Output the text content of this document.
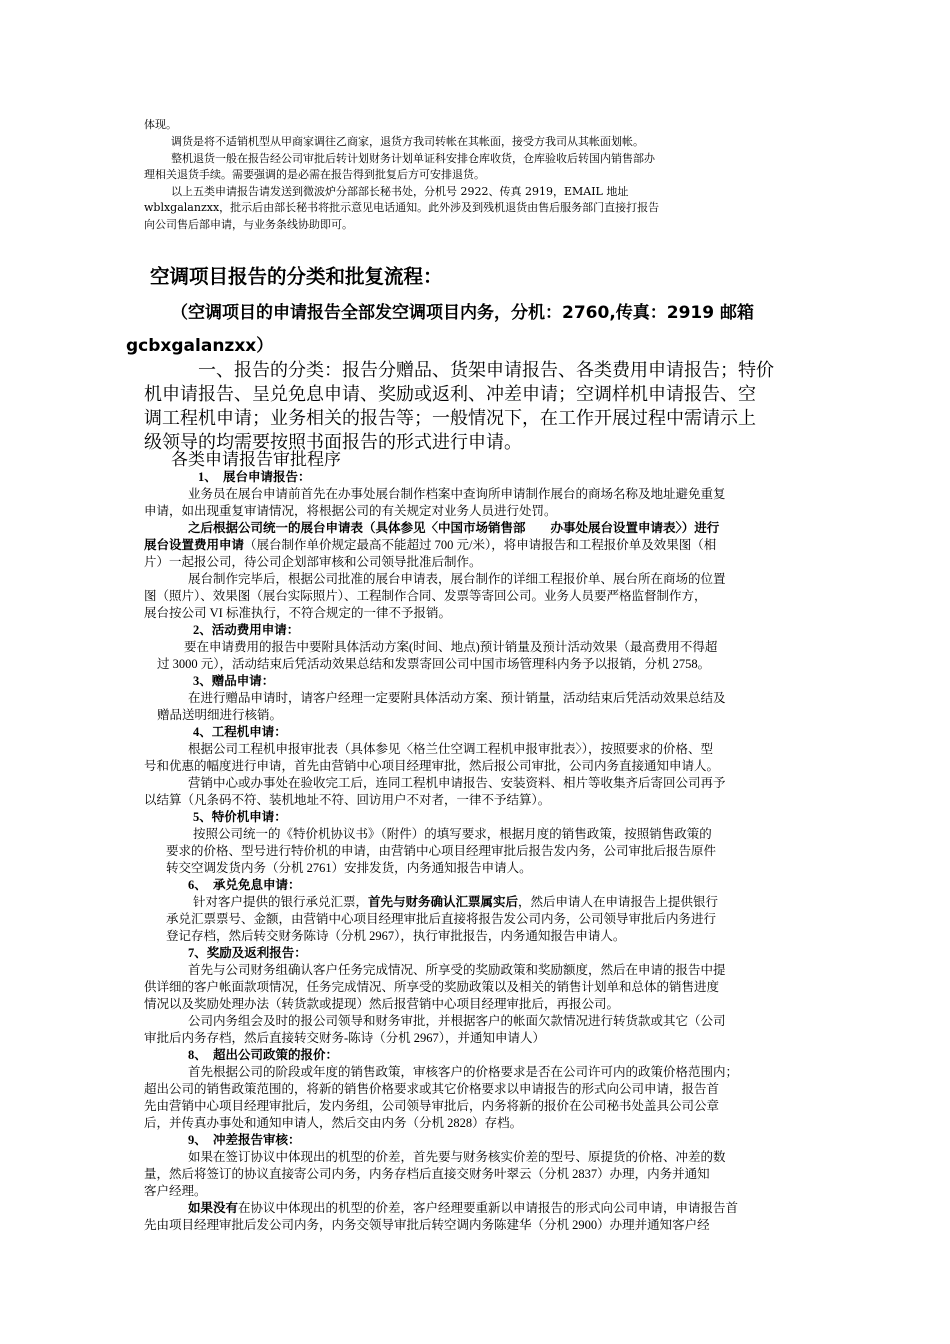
体现。

调货是将不适销机型从甲商家调往乙商家，退货方我司转帐在其帐面，接受方我司从其帐面划帐。

整机退货一般在报告经公司审批后转计划财务计划单证科安排仓库收货，仓库验收后转国内销售部办

理相关退货手续。需要强调的是必需在报告得到批复后方可安排退货。

以上五类申请报告请发送到微波炉分部部长秘书处，分机号 2922、传真 2919，EMAIL 地址

wblxgalanzxx，批示后由部长秘书将批示意见电话通知。此外涉及到残机退货由售后服务部门直接打报告

向公司售后部申请，与业务条线协助即可。

空调项目报告的分类和批复流程：

（空调项目的申请报告全部发空调项目内务，分机：2760,传真：2919 邮箱

gcbxgalanzxx）

一、报告的分类：报告分赠品、货架申请报告、各类费用申请报告；特价

机申请报告、呈兑免息申请、奖励或返利、冲差申请；空调样机申请报告、空

调工程机申请；业务相关的报告等；一般情况下，在工作开展过程中需请示上

级领导的均需要按照书面报告的形式进行申请。

各类申请报告审批程序

1、　展台申请报告：

业务员在展台申请前首先在办事处展台制作档案中查询所申请制作展台的商场名称及地址避免重复

申请，如出现重复审请情况，将根据公司的有关规定对业务人员进行处罚。

之后根据公司统一的展台申请表（具体参见〈中国市场销售部　　办事处展台设置申请表〉）进行

展台设置费用申请（展台制作单价规定最高不能超过 700 元/米），将申请报告和工程报价单及效果图（相

片）一起报公司，待公司企划部审核和公司领导批准后制作。

展台制作完毕后，根据公司批准的展台申请表，展台制作的详细工程报价单、展台所在商场的位置

图（照片）、效果图（展台实际照片）、工程制作合同、发票等寄回公司。业务人员要严格监督制作方，

展台按公司 VI 标准执行，不符合规定的一律不予报销。

2、活动费用申请：

要在申请费用的报告中要附具体活动方案(时间、地点)预计销量及预计活动效果（最高费用不得超

过 3000 元），活动结束后凭活动效果总结和发票寄回公司中国市场管理科内务予以报销，分机 2758。

3、赠品申请：

在进行赠品申请时，请客户经理一定要附具体活动方案、预计销量，活动结束后凭活动效果总结及

赠品送明细进行核销。

4、工程机申请：

根据公司工程机申报审批表（具体参见〈格兰仕空调工程机申报审批表〉），按照要求的价格、型

号和优惠的幅度进行申请，首先由营销中心项目经理审批，然后报公司审批，公司内务直接通知申请人。

营销中心或办事处在验收完工后，连同工程机申请报告、安装资料、相片等收集齐后寄回公司再予

以结算（凡条码不符、装机地址不符、回访用户不对者，一律不予结算）。

5、特价机申请：

按照公司统一的《特价机协议书》（附件）的填写要求，根据月度的销售政策，按照销售政策的

要求的价格、型号进行特价机的申请，由营销中心项目经理审批后报告发内务，公司审批后报告原件

转交空调发货内务（分机 2761）安排发货，内务通知报告申请人。

6、　承兑免息申请：

针对客户提供的银行承兑汇票，首先与财务确认汇票属实后，然后申请人在申请报告上提供银行

承兑汇票票号、金额，由营销中心项目经理审批后直接将报告发公司内务，公司领导审批后内务进行

登记存档，然后转交财务陈诗（分机 2967），执行审批报告，内务通知报告申请人。

7、奖励及返利报告：

首先与公司财务组确认客户任务完成情况、所享受的奖励政策和奖励额度，然后在申请的报告中提

供详细的客户帐面款项情况，任务完成情况、所享受的奖励政策以及相关的销售计划单和总体的销售进度

情况以及奖励处理办法（转货款或提现）然后报营销中心项目经理审批后，再报公司。

公司内务组会及时的报公司领导和财务审批，并根据客户的帐面欠款情况进行转货款或其它（公司

审批后内务存档，然后直接转交财务-陈诗（分机 2967），并通知申请人）

8、　超出公司政策的报价：

首先根据公司的阶段或年度的销售政策，审核客户的价格要求是否在公司许可内的政策价格范围内；

超出公司的销售政策范围的，将新的销售价格要求或其它价格要求以申请报告的形式向公司申请，报告首

先由营销中心项目经理审批后，发内务组，公司领导审批后，内务将新的报价在公司秘书处盖具公司公章

后，并传真办事处和通知申请人，然后交由内务（分机 2828）存档。

9、　冲差报告审核：

如果在签订协议中体现出的机型的价差，首先要与财务核实价差的型号、原提货的价格、冲差的数

量，然后将签订的协议直接寄公司内务，内务存档后直接交财务叶翠云（分机 2837）办理，内务并通知

客户经理。

如果没有在协议中体现出的机型的价差，客户经理要重新以申请报告的形式向公司申请，申请报告首

先由项目经理审批后发公司内务，内务交领导审批后转空调内务陈建华（分机 2900）办理并通知客户经
